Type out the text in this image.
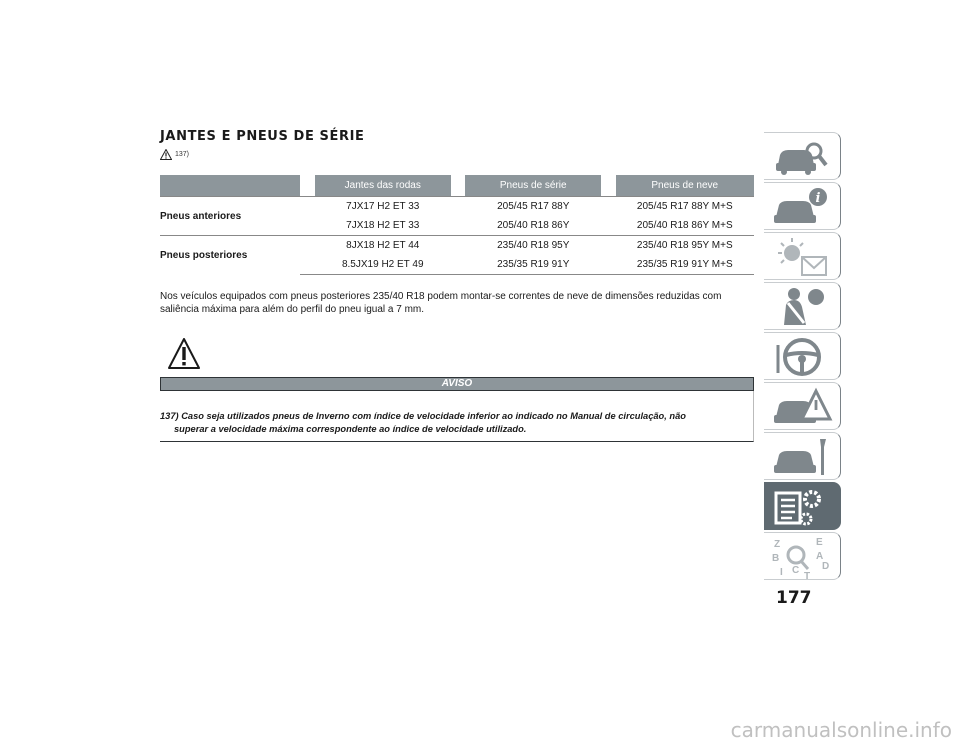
JANTES E PNEUS DE SÉRIE
137)
		Jantes das rodas		Pneus de série		Pneus de neve
Pneus anteriores		7JX17 H2 ET 33		205/45 R17 88Y		205/45 R17 88Y M+S
		7JX18 H2 ET 33		205/40 R18 86Y		205/40 R18 86Y M+S
Pneus posteriores		8JX18 H2 ET 44		235/40 R18 95Y		235/40 R18 95Y M+S
		8.5JX19 H2 ET 49		235/35 R19 91Y		235/35 R19 91Y M+S
Nos veículos equipados com pneus posteriores 235/40 R18 podem montar-se correntes de neve de dimensões reduzidas com saliência máxima para além do perfil do pneu igual a 7 mm.
AVISO
137) Caso seja utilizados pneus de Inverno com índice de velocidade inferior ao indicado no Manual de circulação, não
superar a velocidade máxima correspondente ao índice de velocidade utilizado.
i
Z	E
B	A
I C D
T
177
carmanualsonline.info
